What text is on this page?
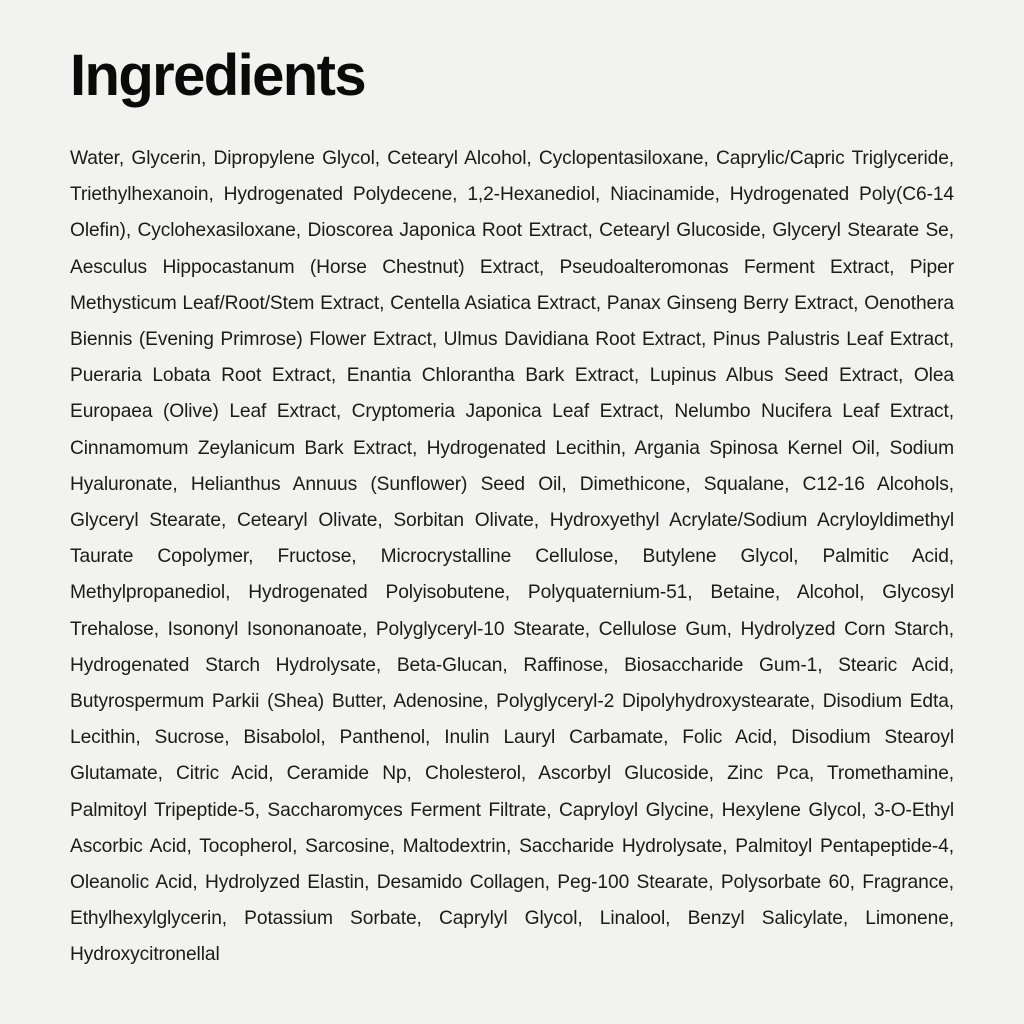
Ingredients

Water, Glycerin, Dipropylene Glycol, Cetearyl Alcohol, Cyclopentasiloxane, Caprylic/Capric Triglyceride, Triethylhexanoin, Hydrogenated Polydecene, 1,2-Hexanediol, Niacinamide, Hydrogenated Poly(C6-14 Olefin), Cyclohexasiloxane, Dioscorea Japonica Root Extract, Cetearyl Glucoside, Glyceryl Stearate Se, Aesculus Hippocastanum (Horse Chestnut) Extract, Pseudoalteromonas Ferment Extract, Piper Methysticum Leaf/Root/Stem Extract, Centella Asiatica Extract, Panax Ginseng Berry Extract, Oenothera Biennis (Evening Primrose) Flower Extract, Ulmus Davidiana Root Extract, Pinus Palustris Leaf Extract, Pueraria Lobata Root Extract, Enantia Chlorantha Bark Extract, Lupinus Albus Seed Extract, Olea Europaea (Olive) Leaf Extract, Cryptomeria Japonica Leaf Extract, Nelumbo Nucifera Leaf Extract, Cinnamomum Zeylanicum Bark Extract, Hydrogenated Lecithin, Argania Spinosa Kernel Oil, Sodium Hyaluronate, Helianthus Annuus (Sunflower) Seed Oil, Dimethicone, Squalane, C12-16 Alcohols, Glyceryl Stearate, Cetearyl Olivate, Sorbitan Olivate, Hydroxyethyl Acrylate/Sodium Acryloyldimethyl Taurate Copolymer, Fructose, Microcrystalline Cellulose, Butylene Glycol, Palmitic Acid, Methylpropanediol, Hydrogenated Polyisobutene, Polyquaternium-51, Betaine, Alcohol, Glycosyl Trehalose, Isononyl Isononanoate, Polyglyceryl-10 Stearate, Cellulose Gum, Hydrolyzed Corn Starch, Hydrogenated Starch Hydrolysate, Beta-Glucan, Raffinose, Biosaccharide Gum-1, Stearic Acid, Butyrospermum Parkii (Shea) Butter, Adenosine, Polyglyceryl-2 Dipolyhydroxystearate, Disodium Edta, Lecithin, Sucrose, Bisabolol, Panthenol, Inulin Lauryl Carbamate, Folic Acid, Disodium Stearoyl Glutamate, Citric Acid, Ceramide Np, Cholesterol, Ascorbyl Glucoside, Zinc Pca, Tromethamine, Palmitoyl Tripeptide-5, Saccharomyces Ferment Filtrate, Capryloyl Glycine, Hexylene Glycol, 3-O-Ethyl Ascorbic Acid, Tocopherol, Sarcosine, Maltodextrin, Saccharide Hydrolysate, Palmitoyl Pentapeptide-4, Oleanolic Acid, Hydrolyzed Elastin, Desamido Collagen, Peg-100 Stearate, Polysorbate 60, Fragrance, Ethylhexylglycerin, Potassium Sorbate, Caprylyl Glycol, Linalool, Benzyl Salicylate, Limonene, Hydroxycitronellal
